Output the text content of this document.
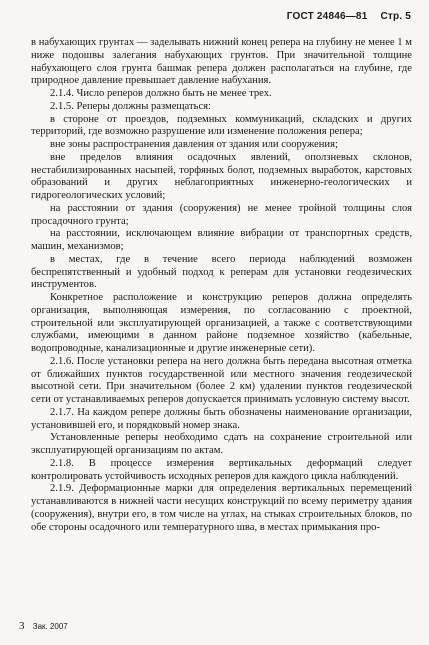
ГОСТ 24846—81 Стр. 5

в набухающих грунтах — заделывать нижний конец репера на глубину не менее 1 м ниже подошвы залегания набухающих грунтов. При значительной толщине набухающего слоя грунта башмак репера должен располагаться на глубине, где природное давление превышает давление набухания.

2.1.4. Число реперов должно быть не менее трех.

2.1.5. Реперы должны размещаться:

в стороне от проездов, подземных коммуникаций, складских и других территорий, где возможно разрушение или изменение положения репера;

вне зоны распространения давления от здания или сооружения;

вне пределов влияния осадочных явлений, оползневых склонов, нестабилизированных насыпей, торфяных болот, подземных выработок, карстовых образований и других неблагоприятных инженерно-геологических и гидрогеологических условий;

на расстоянии от здания (сооружения) не менее тройной толщины слоя просадочного грунта;

на расстоянии, исключающем влияние вибрации от транспортных средств, машин, механизмов;

в местах, где в течение всего периода наблюдений возможен беспрепятственный и удобный подход к реперам для установки геодезических инструментов.

Конкретное расположение и конструкцию реперов должна определять организация, выполняющая измерения, по согласованию с проектной, строительной или эксплуатирующей организацией, а также с соответствующими службами, имеющими в данном районе подземное хозяйство (кабельные, водопроводные, канализационные и другие инженерные сети).

2.1.6. После установки репера на него должна быть передана высотная отметка от ближайших пунктов государственной или местного значения геодезической высотной сети. При значительном (более 2 км) удалении пунктов геодезической сети от устанавливаемых реперов допускается принимать условную систему высот.

2.1.7. На каждом репере должны быть обозначены наименование организации, установившей его, и порядковый номер знака.

Установленные реперы необходимо сдать на сохранение строительной или эксплуатирующей организациям по актам.

2.1.8. В процессе измерения вертикальных деформаций следует контролировать устойчивость исходных реперов для каждого цикла наблюдений.

2.1.9. Деформационные марки для определения вертикальных перемещений устанавливаются в нижней части несущих конструкций по всему периметру здания (сооружения), внутри его, в том числе на углах, на стыках строительных блоков, по обе стороны осадочного или температурного шва, в местах примыкания про-

3 Зак. 2007
